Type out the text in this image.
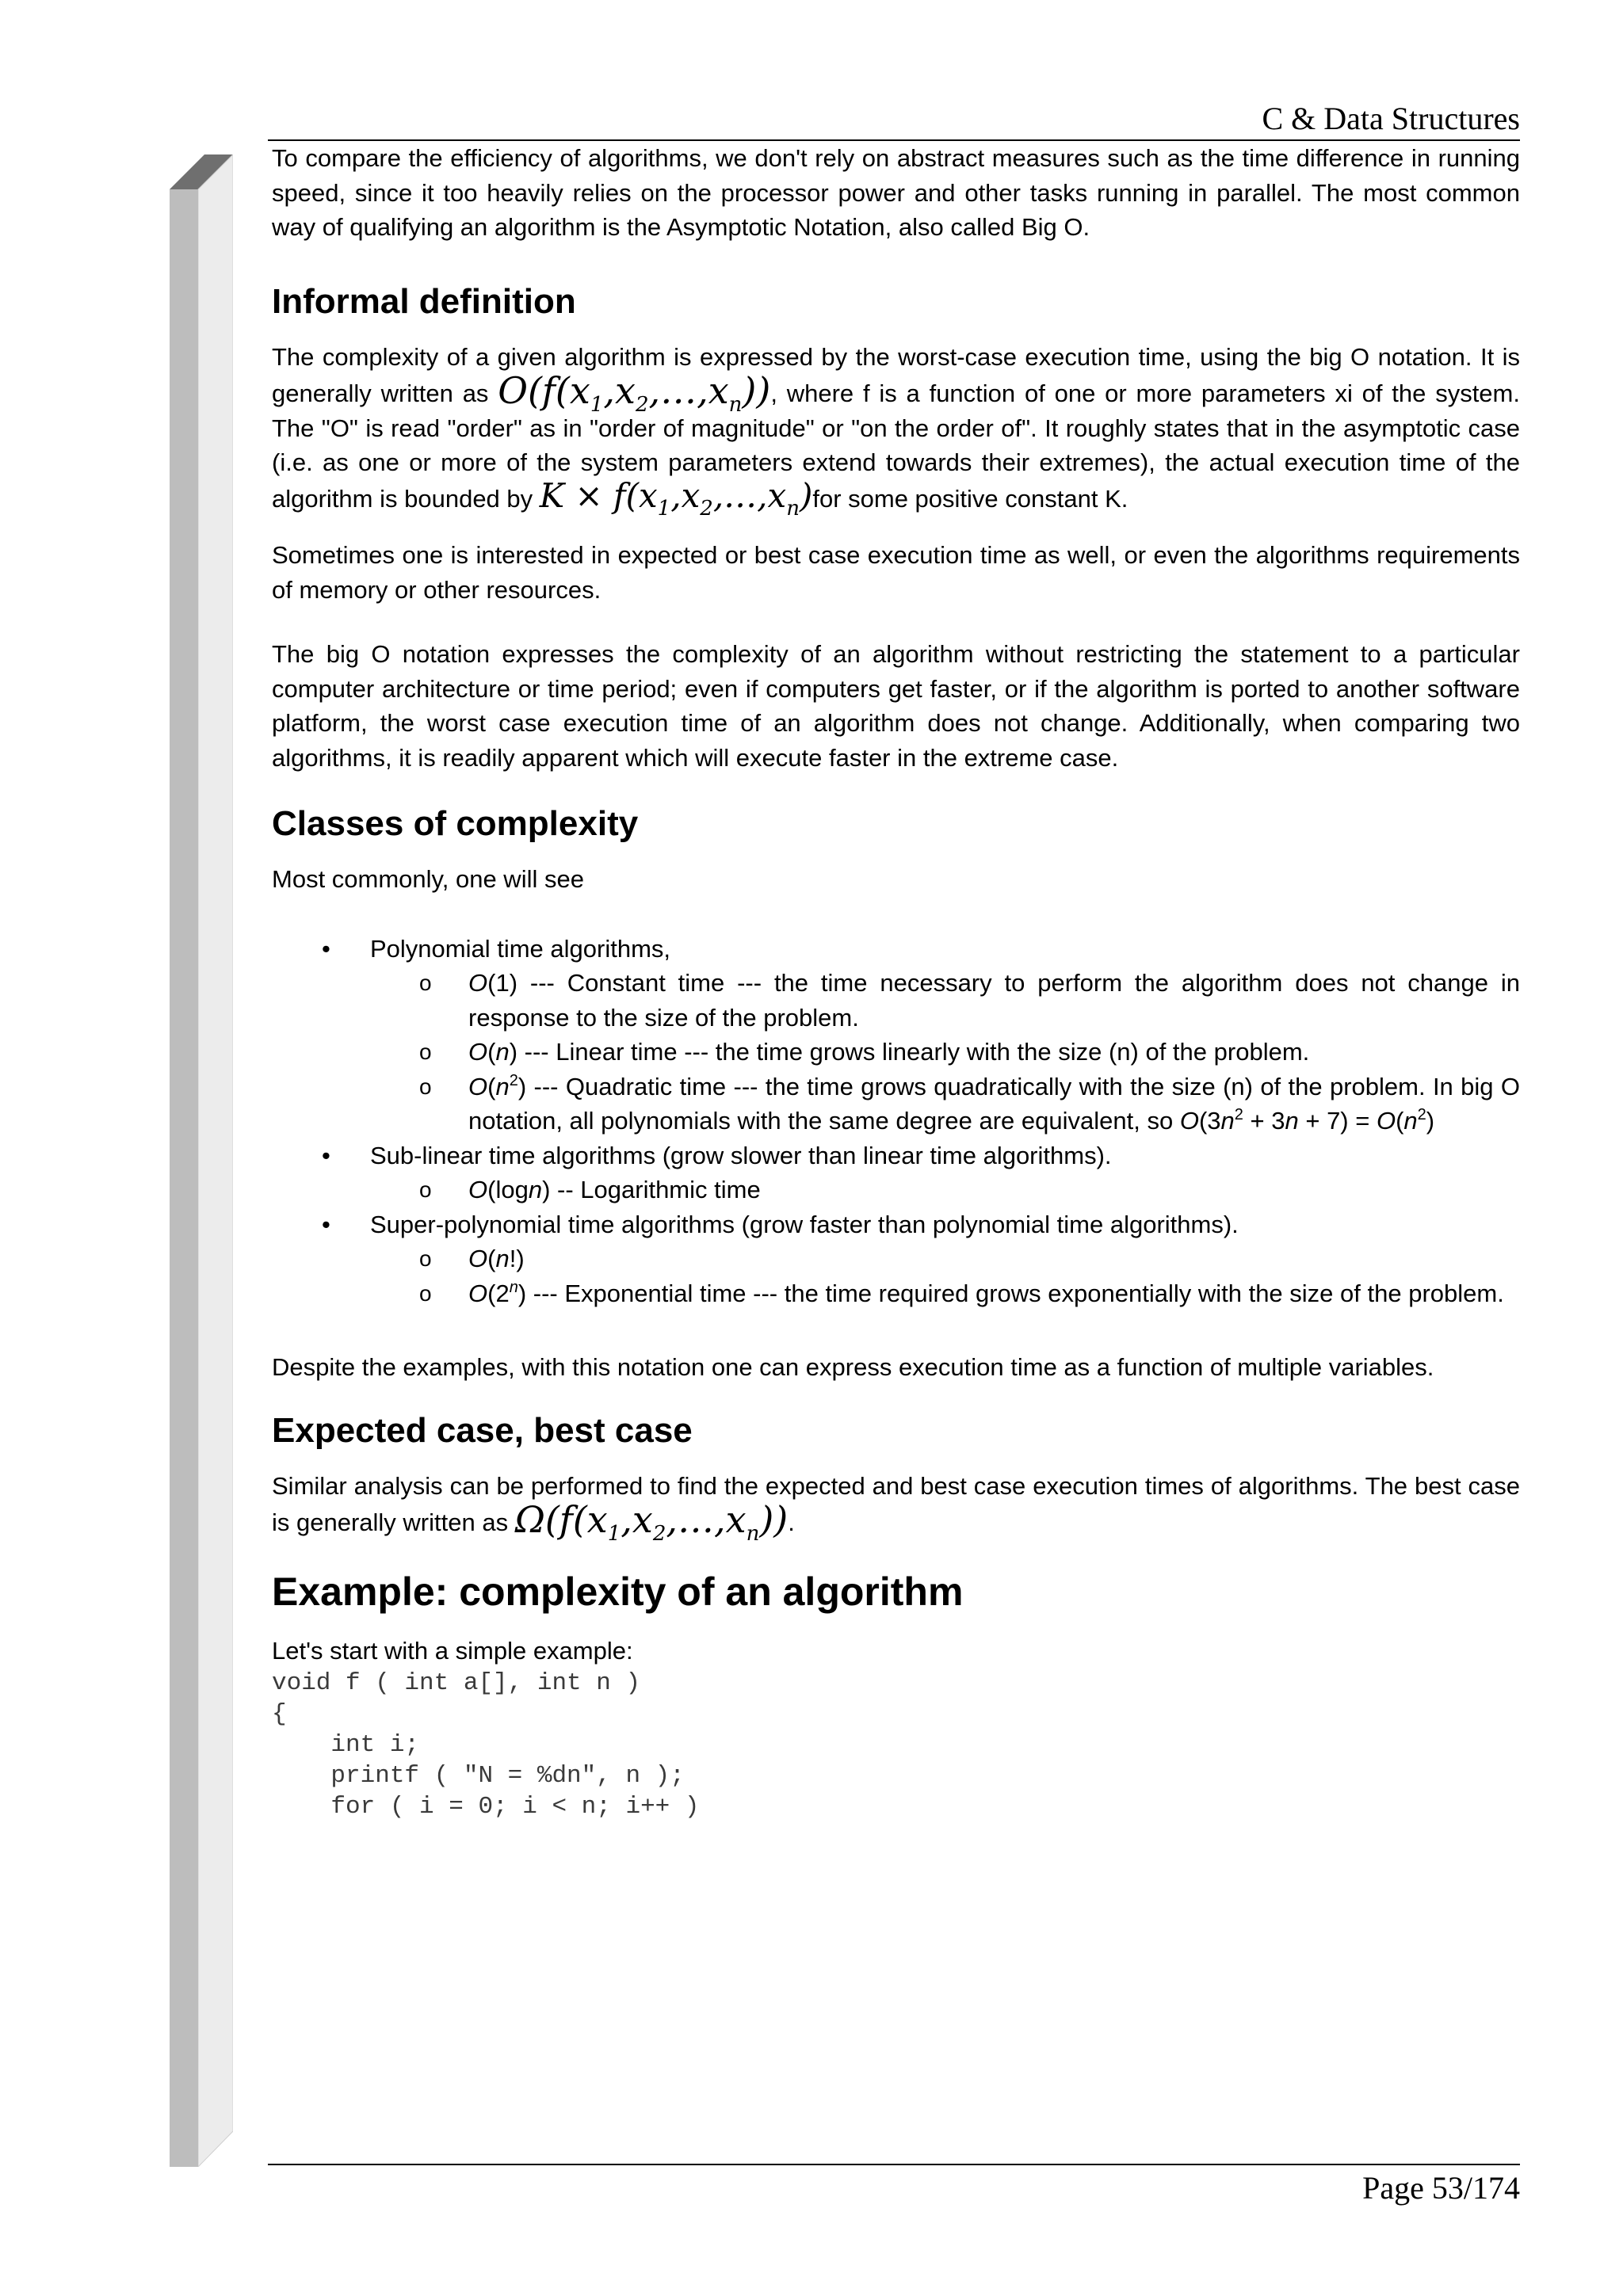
C & Data Structures

To compare the efficiency of algorithms, we don't rely on abstract measures such as the time difference in running speed, since it too heavily relies on the processor power and other tasks running in parallel. The most common way of qualifying an algorithm is the Asymptotic Notation, also called Big O.

Informal definition

The complexity of a given algorithm is expressed by the worst-case execution time, using the big O notation. It is generally written as $O(f(x_1,x_2,\dots,x_n))$, where f is a function of one or more parameters xi of the system. The "O" is read "order" as in "order of magnitude" or "on the order of". It roughly states that in the asymptotic case (i.e. as one or more of the system parameters extend towards their extremes), the actual execution time of the algorithm is bounded by $K \times f(x_1,x_2,\dots,x_n)for$ some positive constant K.

Sometimes one is interested in expected or best case execution time as well, or even the algorithms requirements of memory or other resources.

The big O notation expresses the complexity of an algorithm without restricting the statement to a particular computer architecture or time period; even if computers get faster, or if the algorithm is ported to another software platform, the worst case execution time of an algorithm does not change. Additionally, when comparing two algorithms, it is readily apparent which will execute faster in the extreme case.

Classes of complexity

Most commonly, one will see

• Polynomial time algorithms,
o O(1) --- Constant time --- the time necessary to perform the algorithm does not change in response to the size of the problem.
o O(n) --- Linear time --- the time grows linearly with the size (n) of the problem.
o $O(n^2)$ --- Quadratic time --- the time grows quadratically with the size (n) of the problem. In big O notation, all polynomials with the same degree are equivalent, so $O(3n^2 + 3n + 7) = O(n^2)$
• Sub-linear time algorithms (grow slower than linear time algorithms).
o O(logn) -- Logarithmic time
• Super-polynomial time algorithms (grow faster than polynomial time algorithms).
o O(n!)
o O(2$^n$) --- Exponential time --- the time required grows exponentially with the size of the problem.

Despite the examples, with this notation one can express execution time as a function of multiple variables.

Expected case, best case

Similar analysis can be performed to find the expected and best case execution times of algorithms. The best case is generally written as $\Omega(f(x_1,x_2,\dots,x_n))$.

Example: complexity of an algorithm

Let's start with a simple example:

void f ( int a[], int n )
{
int i;
printf ( "N = %dn", n );
for ( i = 0; i < n; i++ )
Page 53/174
